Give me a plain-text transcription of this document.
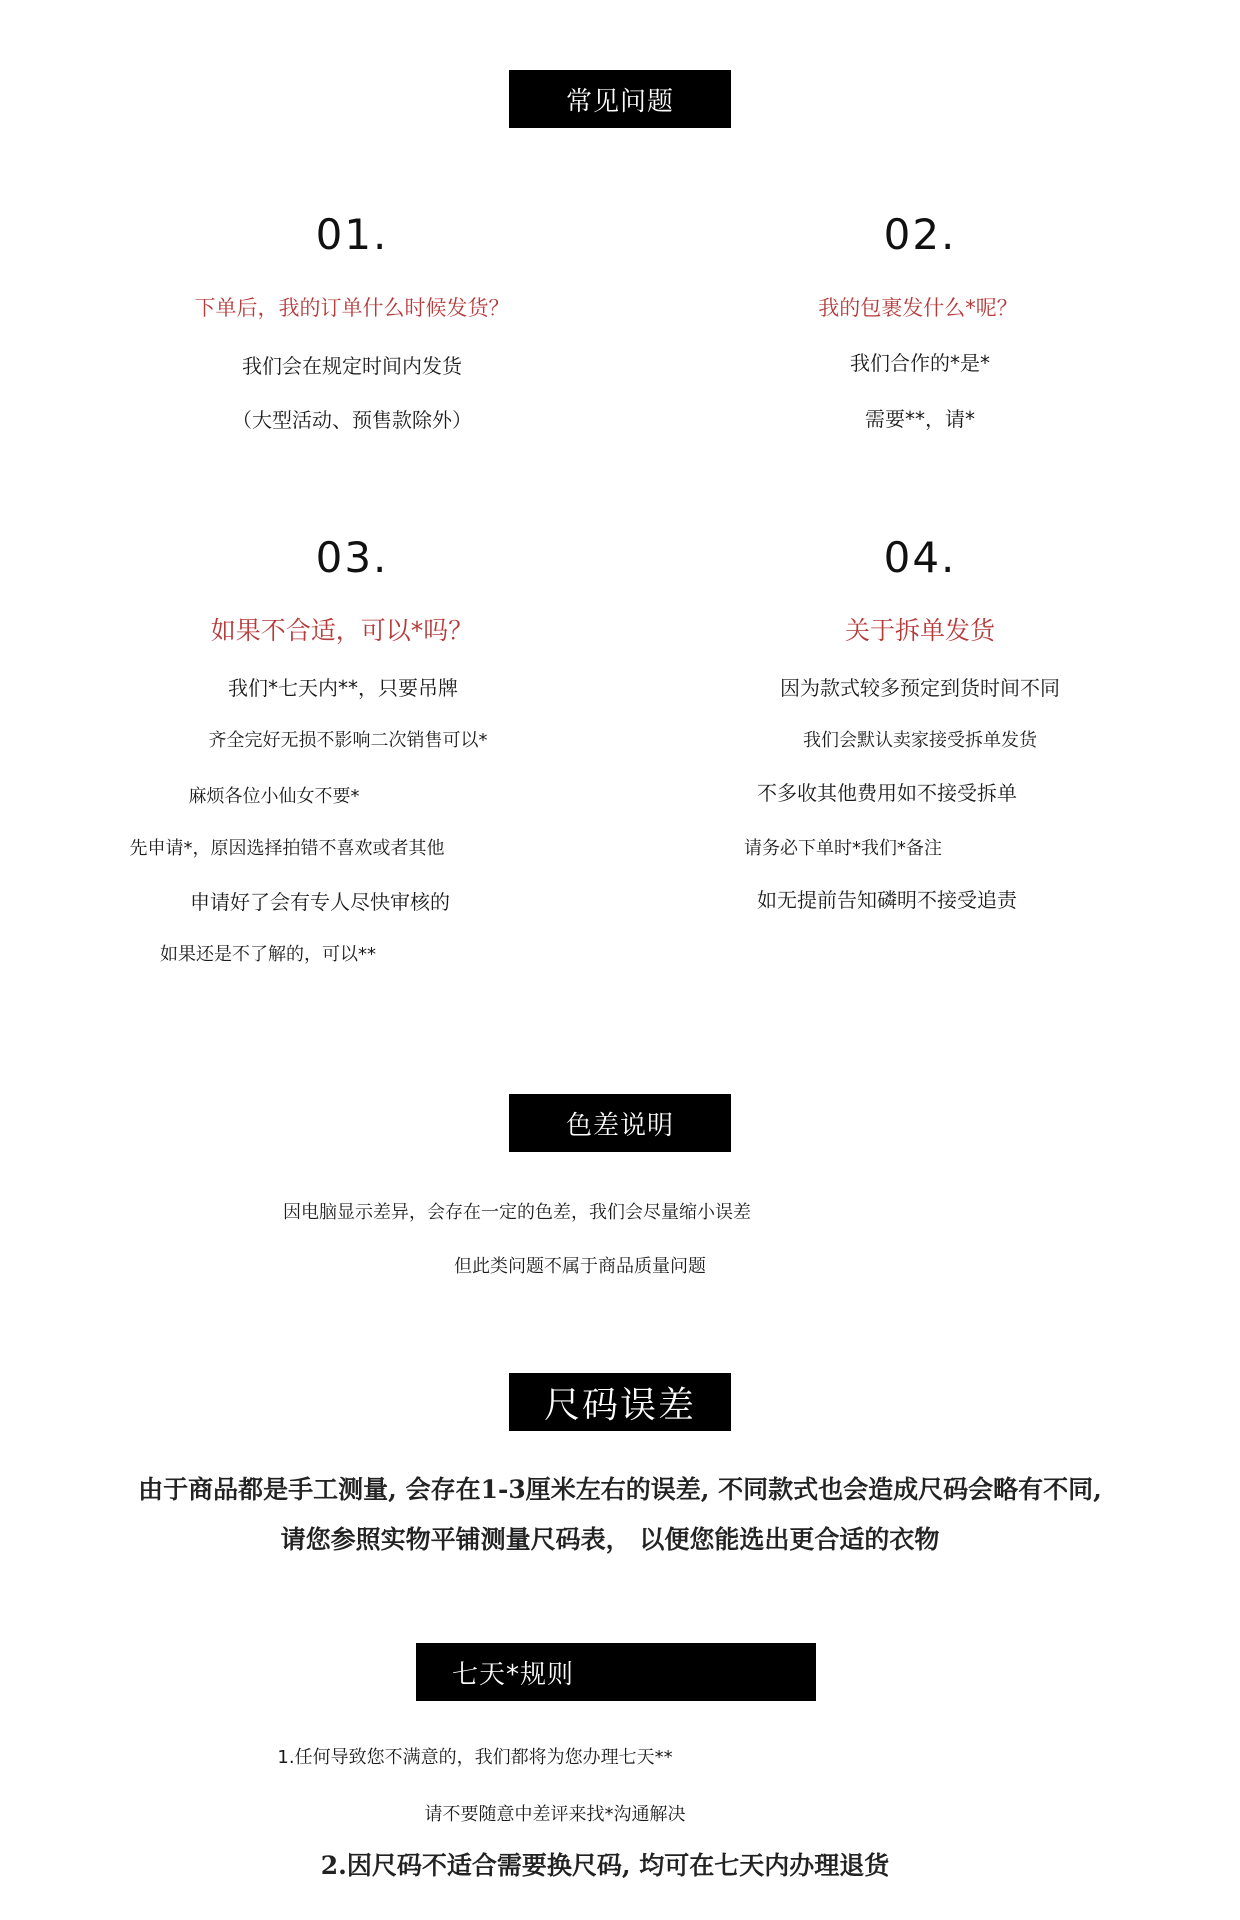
常见问题
01.
下单后，我的订单什么时候发货？
我们会在规定时间内发货
（大型活动、预售款除外）
02.
我的包裹发什么*呢？
我们合作的*是*
需要**，请*
03.
如果不合适，可以*吗？
我们*七天内**，只要吊牌
齐全完好无损不影响二次销售可以*
麻烦各位小仙女不要*
先申请*，原因选择拍错不喜欢或者其他
申请好了会有专人尽快审核的
如果还是不了解的，可以**
04.
关于拆单发货
因为款式较多预定到货时间不同
我们会默认卖家接受拆单发货
不多收其他费用如不接受拆单
请务必下单时*我们*备注
如无提前告知磷明不接受追责
色差说明
因电脑显示差异，会存在一定的色差，我们会尽量缩小误差
但此类问题不属于商品质量问题
尺码误差
由于商品都是手工测量, 会存在1-3厘米左右的误差, 不同款式也会造成尺码会略有不同,
请您参照实物平铺测量尺码表， 以便您能选出更合适的衣物
七天*规则
1.任何导致您不满意的，我们都将为您办理七天**
请不要随意中差评来找*沟通解决
2.因尺码不适合需要换尺码, 均可在七天内办理退货
